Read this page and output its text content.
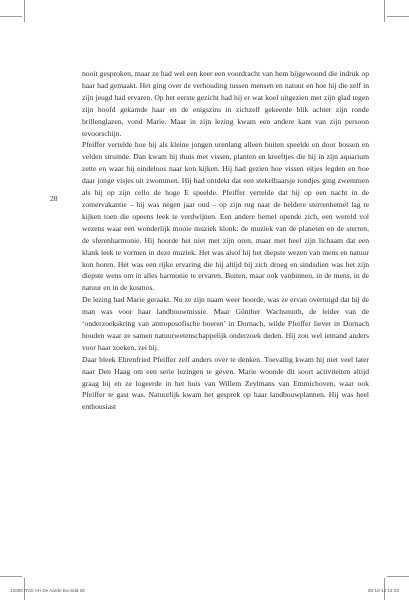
28

nooit gesproken, maar ze had wel een keer een voordracht van hem bijgewoond die indruk op haar had gemaakt. Het ging over de verhouding tussen mensen en natuur en hoe hij die zelf in zijn jeugd had ervaren. Op het eerste gezicht had hij er wat koel uitgezien met zijn glad tegen zijn hoofd gekamde haar en de enigszins in zichzelf gekeerde blik achter zijn ronde brillenglazen, vond Marie. Maar in zijn lezing kwam een andere kant van zijn persoon tevoorschijn.

Pfeiffer vertelde hoe hij als kleine jongen urenlang alleen buiten speelde en door bossen en velden struinde. Dan kwam hij thuis met vissen, planten en kreeftjes die hij in zijn aquarium zette en waar hij eindeloos naar kon kijken. Hij had gezien hoe vissen eitjes legden en hoe daar jonge visjes uit zwommen. Hij had ontdekt dat een stekelbaarsje rondjes ging zwemmen als hij op zijn cello de hoge E speelde. Pfeiffer vertelde dat hij op een nacht in de zomervakantie – hij was negen jaar oud – op zijn rug naar de heldere sterrenhemel lag te kijken toen die opeens leek te verdwijnen. Een andere hemel opende zich, een wereld vol wezens waar een wonderlijk mooie muziek klonk: de muziek van de planeten en de sterren, de sferenharmonie. Hij hoorde het niet met zijn oren, maar met heel zijn lichaam dat een klank leek te vormen in deze muziek. Het was alsof hij het diepste wezen van mens en natuur kon horen. Het was een rijke ervaring die hij altijd bij zich droeg en sindsdien was het zijn diepste wens om in alles harmonie te ervaren. Buiten, maar ook vanbinnen, in de mens, in de natuur en in de kosmos.

De lezing had Marie geraakt. Nu ze zijn naam weer hoorde, was ze ervan overtuigd dat hij de man was voor haar landbouwmissie. Maar Günther Wachsmuth, de leider van de ‘onderzoekskring van antroposofische boeren’ in Dornach, wilde Pfeiffer liever in Dornach houden waar ze samen natuurwetenschappelijk onderzoek deden. Hij zou wel iemand anders voor haar zoeken, zei hij.

Daar bleek Ehrenfried Pfeiffer zelf anders over te denken. Toevallig kwam hij niet veel later naar Den Haag om een serie lezingen te geven. Marie woonde dit soort activiteiten altijd graag bij en ze logeerde in het huis van Willem Zeylmans van Emmichoven, waar ook Pfeiffer te gast was. Natuurlijk kwam het gesprek op haar landbouwplannen. Hij was heel enthousiast

12086 RVD AH De Aarde bw.indd 28	08-10-12 14:03
